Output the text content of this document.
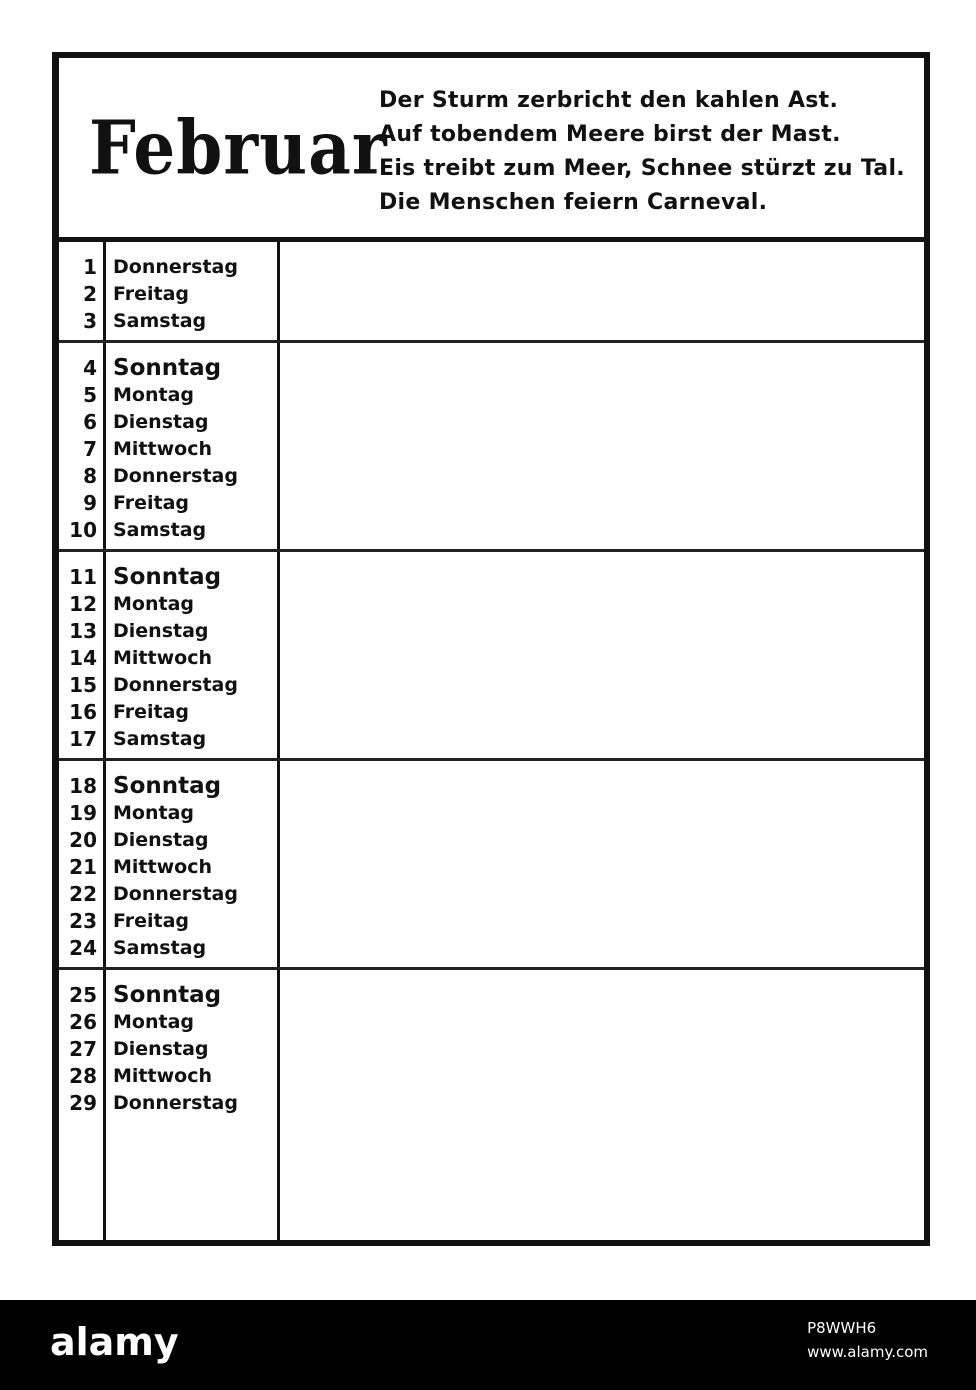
Februar
Der Sturm zerbricht den kahlen Ast.
Auf tobendem Meere birst der Mast.
Eis treibt zum Meer, Schnee stürzt zu Tal.
Die Menschen feiern Carneval.
1 Donnerstag
2 Freitag
3 Samstag
4 Sonntag
5 Montag
6 Dienstag
7 Mittwoch
8 Donnerstag
9 Freitag
10 Samstag
11 Sonntag
12 Montag
13 Dienstag
14 Mittwoch
15 Donnerstag
16 Freitag
17 Samstag
18 Sonntag
19 Montag
20 Dienstag
21 Mittwoch
22 Donnerstag
23 Freitag
24 Samstag
25 Sonntag
26 Montag
27 Dienstag
28 Mittwoch
29 Donnerstag
alamy	P8WWH6
www.alamy.com
